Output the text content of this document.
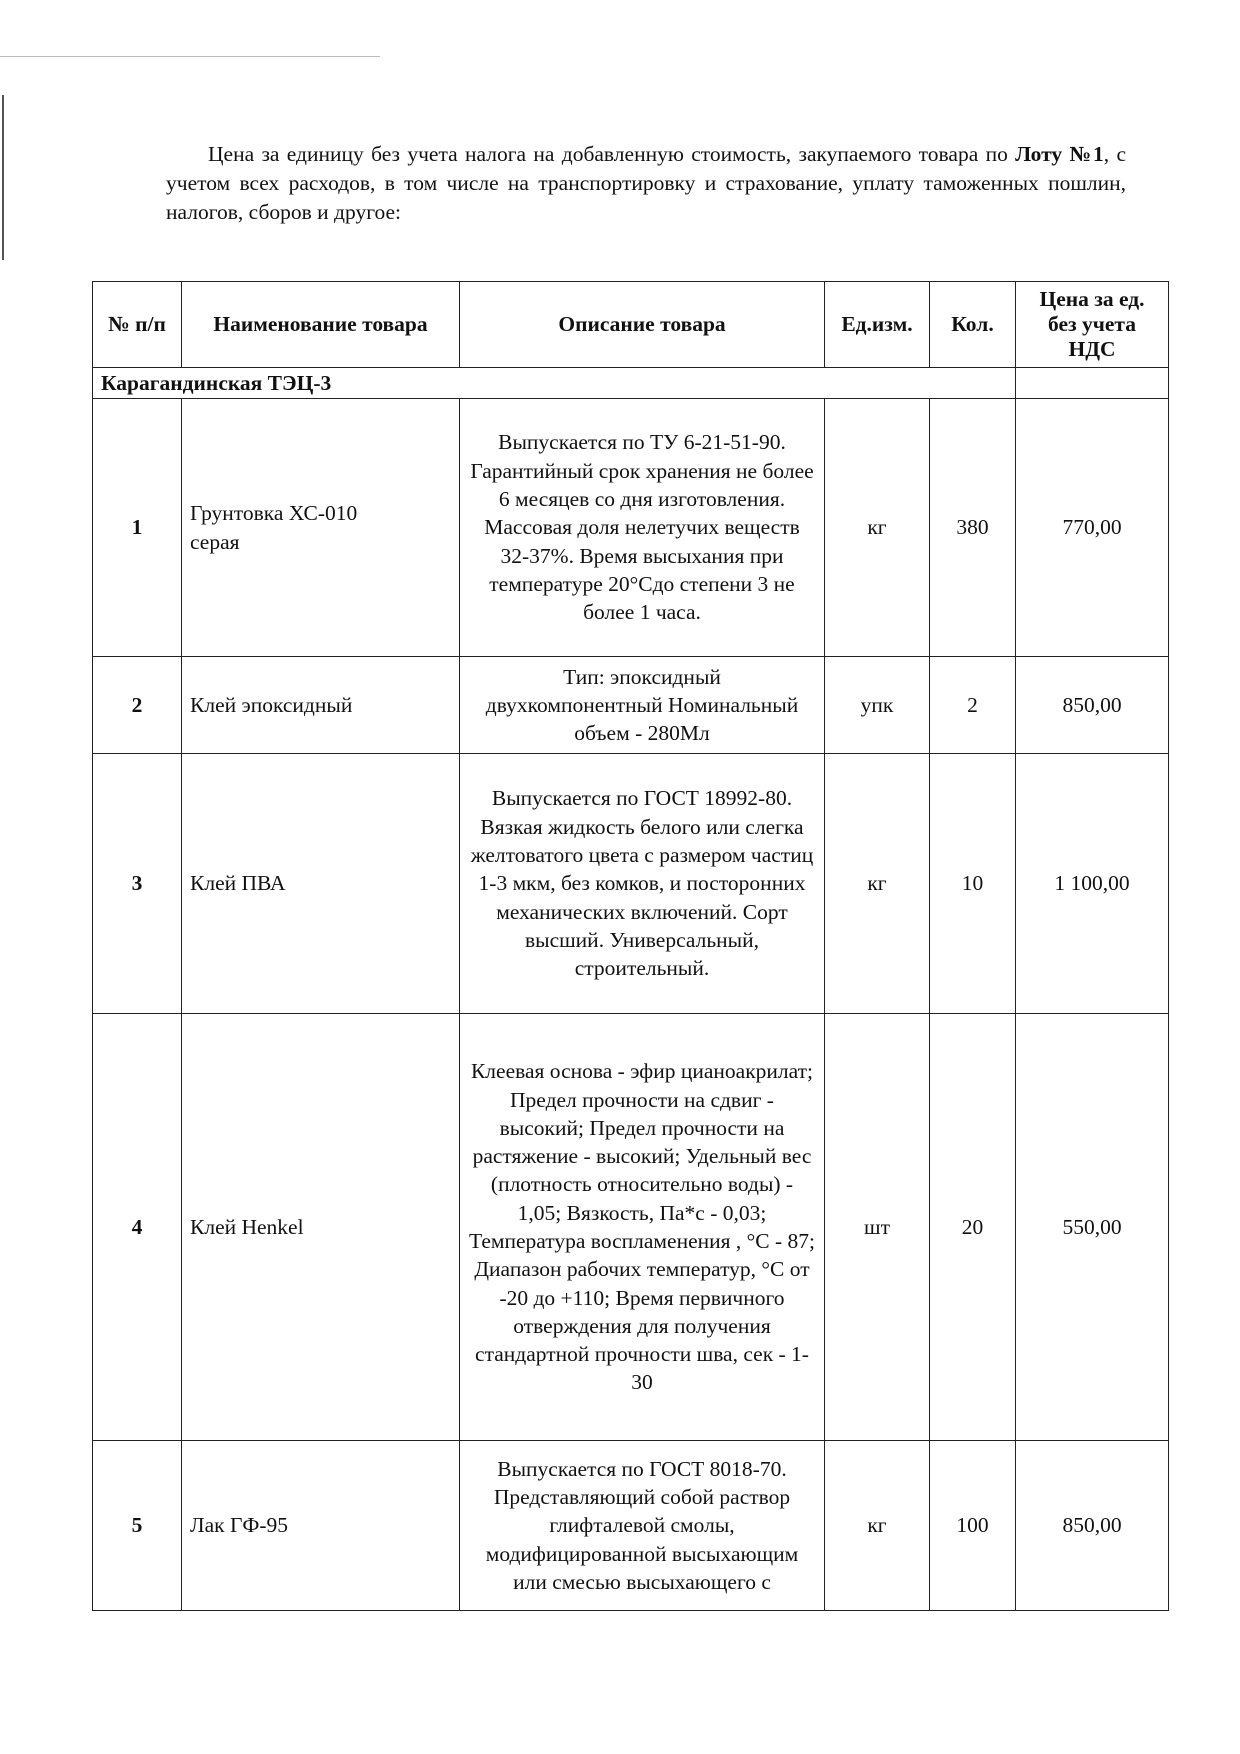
Цена за единицу без учета налога на добавленную стоимость, закупаемого товара по Лоту №1, с учетом всех расходов, в том числе на транспортировку и страхование, уплату таможенных пошлин, налогов, сборов и другое:

№ п/п	Наименование товара	Описание товара	Ед.изм.	Кол.	Цена за ед. без учета НДС
Карагандинская ТЭЦ-3					
1	Грунтовка ХС-010 серая	Выпускается по ТУ 6-21-51-90. Гарантийный срок хранения не более 6 месяцев со дня изготовления. Массовая доля нелетучих веществ 32-37%. Время высыхания при температуре 20°Сдо степени 3 не более 1 часа.	кг	380	770,00
2	Клей эпоксидный	Тип: эпоксидный двухкомпонентный Номинальный объем - 280Мл	упк	2	850,00
3	Клей ПВА	Выпускается по ГОСТ 18992-80. Вязкая жидкость белого или слегка желтоватого цвета с размером частиц 1-3 мкм, без комков, и посторонних механических включений. Сорт высший. Универсальный, строительный.	кг	10	1 100,00
4	Клей Henkel	Клеевая основа - эфир цианоакрилат; Предел прочности на сдвиг - высокий; Предел прочности на растяжение - высокий; Удельный вес (плотность относительно воды) - 1,05; Вязкость, Па*с - 0,03; Температура воспламенения , °С - 87; Диапазон рабочих температур, °С от -20 до +110; Время первичного отверждения для получения стандартной прочности шва, сек - 1-30	шт	20	550,00
5	Лак ГФ-95	Выпускается по ГОСТ 8018-70. Представляющий собой раствор глифталевой смолы, модифицированной высыхающим или смесью высыхающего с	кг	100	850,00
